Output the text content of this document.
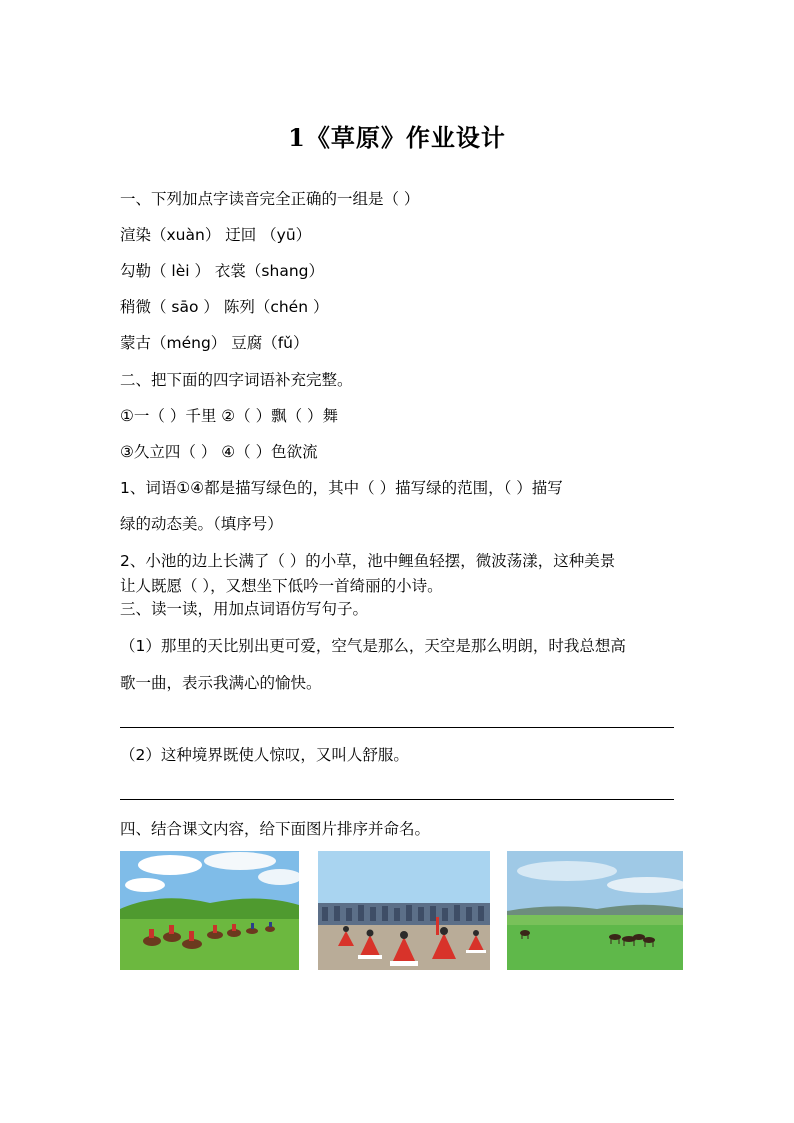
1《草原》作业设计
一、下列加点字读音完全正确的一组是（ ）
渲染（xuàn） 迂回 （yū）
勾勒（ lèi ） 衣裳（shang）
稍微（ sāo ） 陈列（chén ）
蒙古（méng） 豆腐（fǔ）
二、把下面的四字词语补充完整。
①一（ ）千里 ②（ ）飘（ ）舞
③久立四（ ） ④（ ）色欲流
1、词语①④都是描写绿色的，其中（ ）描写绿的范围，（ ）描写
绿的动态美。（填序号）
2、小池的边上长满了（ ）的小草，池中鲤鱼轻摆，微波荡漾，这种美景
让人既愿（ ），又想坐下低吟一首绮丽的小诗。
三、读一读，用加点词语仿写句子。
（1）那里的天比别出更可爱，空气是那么，天空是那么明朗，时我总想高
歌一曲，表示我满心的愉快。
（2）这种境界既使人惊叹，又叫人舒服。
四、结合课文内容，给下面图片排序并命名。
